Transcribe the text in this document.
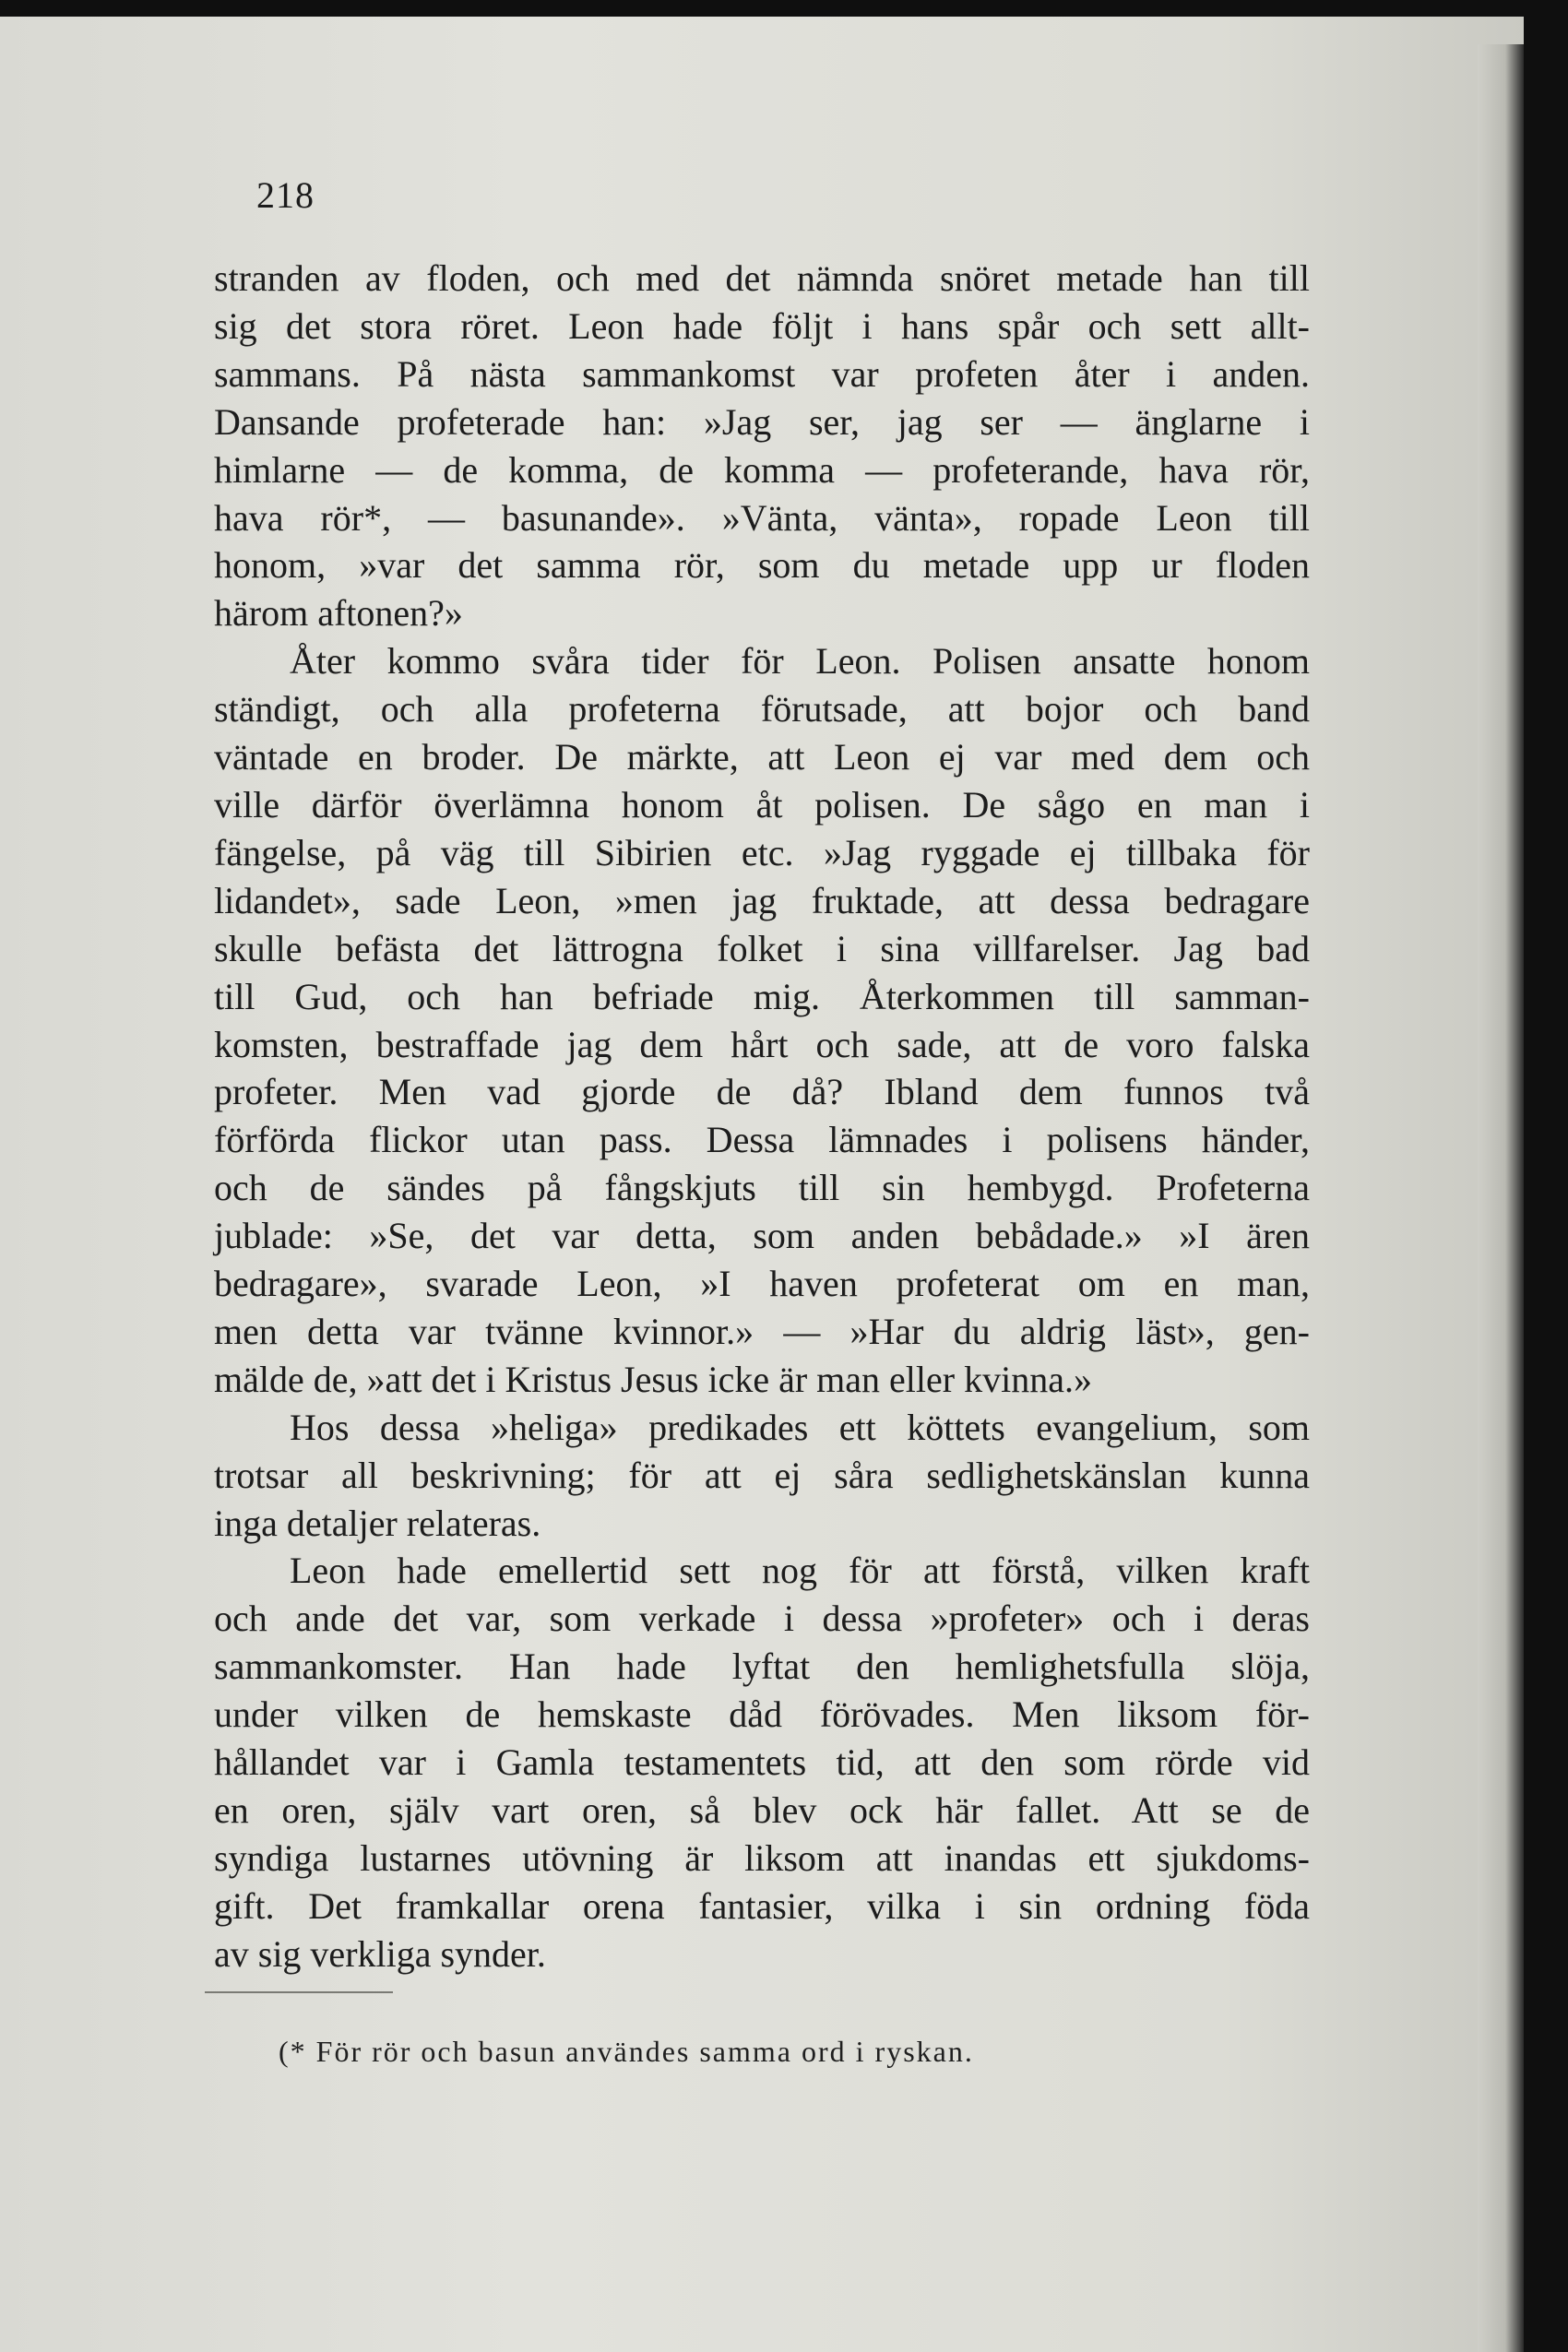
218
stranden av floden, och med det nämnda snöret metade han till
sig det stora röret. Leon hade följt i hans spår och sett allt-
sammans. På nästa sammankomst var profeten åter i anden.
Dansande profeterade han: »Jag ser, jag ser — änglarne i
himlarne — de komma, de komma — profeterande, hava rör,
hava rör*, — basunande». »Vänta, vänta», ropade Leon till
honom, »var det samma rör, som du metade upp ur floden
härom aftonen?»
Åter kommo svåra tider för Leon. Polisen ansatte honom
ständigt, och alla profeterna förutsade, att bojor och band
väntade en broder. De märkte, att Leon ej var med dem och
ville därför överlämna honom åt polisen. De sågo en man i
fängelse, på väg till Sibirien etc. »Jag ryggade ej tillbaka för
lidandet», sade Leon, »men jag fruktade, att dessa bedragare
skulle befästa det lättrogna folket i sina villfarelser. Jag bad
till Gud, och han befriade mig. Återkommen till samman-
komsten, bestraffade jag dem hårt och sade, att de voro falska
profeter. Men vad gjorde de då? Ibland dem funnos två
förförda flickor utan pass. Dessa lämnades i polisens händer,
och de sändes på fångskjuts till sin hembygd. Profeterna
jublade: »Se, det var detta, som anden bebådade.» »I ären
bedragare», svarade Leon, »I haven profeterat om en man,
men detta var tvänne kvinnor.» — »Har du aldrig läst», gen-
mälde de, »att det i Kristus Jesus icke är man eller kvinna.»
Hos dessa »heliga» predikades ett köttets evangelium, som
trotsar all beskrivning; för att ej såra sedlighetskänslan kunna
inga detaljer relateras.
Leon hade emellertid sett nog för att förstå, vilken kraft
och ande det var, som verkade i dessa »profeter» och i deras
sammankomster. Han hade lyftat den hemlighetsfulla slöja,
under vilken de hemskaste dåd förövades. Men liksom för-
hållandet var i Gamla testamentets tid, att den som rörde vid
en oren, själv vart oren, så blev ock här fallet. Att se de
syndiga lustarnes utövning är liksom att inandas ett sjukdoms-
gift. Det framkallar orena fantasier, vilka i sin ordning föda
av sig verkliga synder.
(* För rör och basun användes samma ord i ryskan.
